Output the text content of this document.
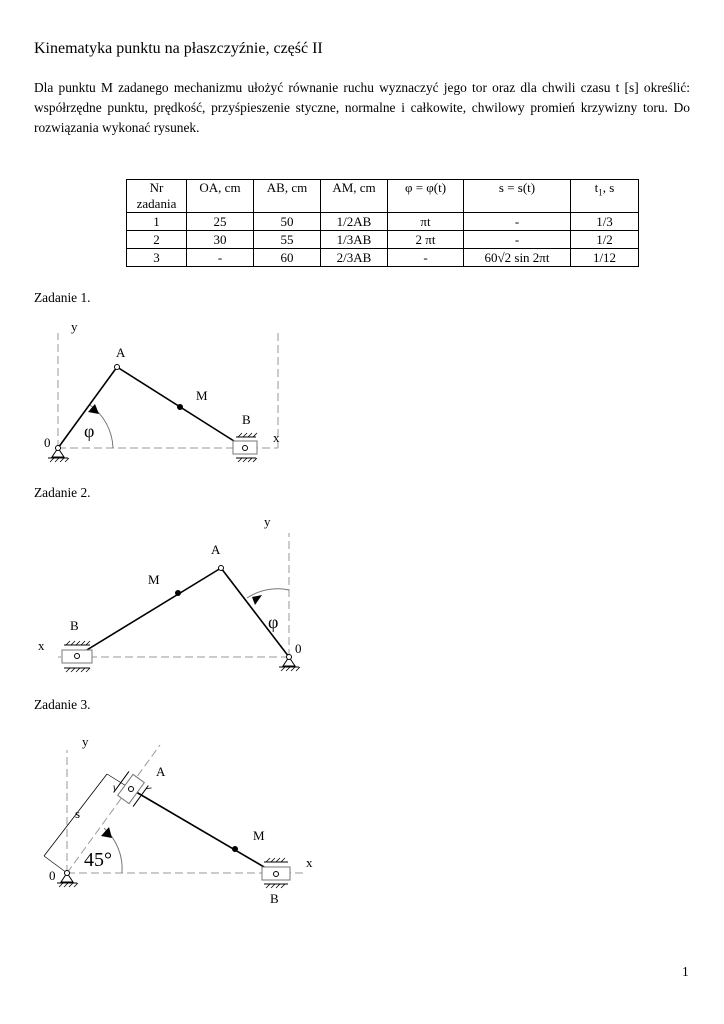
Kinematyka punktu na płaszczyźnie, część II
Dla punktu M zadanego mechanizmu ułożyć równanie ruchu wyznaczyć jego tor oraz dla chwili czasu t [s] określić: współrzędne punktu, prędkość, przyśpieszenie styczne, normalne i całkowite, chwilowy promień krzywizny toru. Do rozwiązania wykonać rysunek.
Nr
zadania	OA, cm	AB, cm	AM, cm	φ = φ(t)	s = s(t)	$t_1$, s
1	25	50	1/2AB	πt	-	1/3
2	30	55	1/3AB	2 πt	-	1/2
3	-	60	2/3AB	-	60√2 sin 2πt	1/12
Zadanie 1.
y
x
0
A
M
B
φ
Zadanie 2.
y
x	0
A
M
B	φ
Zadanie 3.
y
x
0
A
M
B
s
45°
1
